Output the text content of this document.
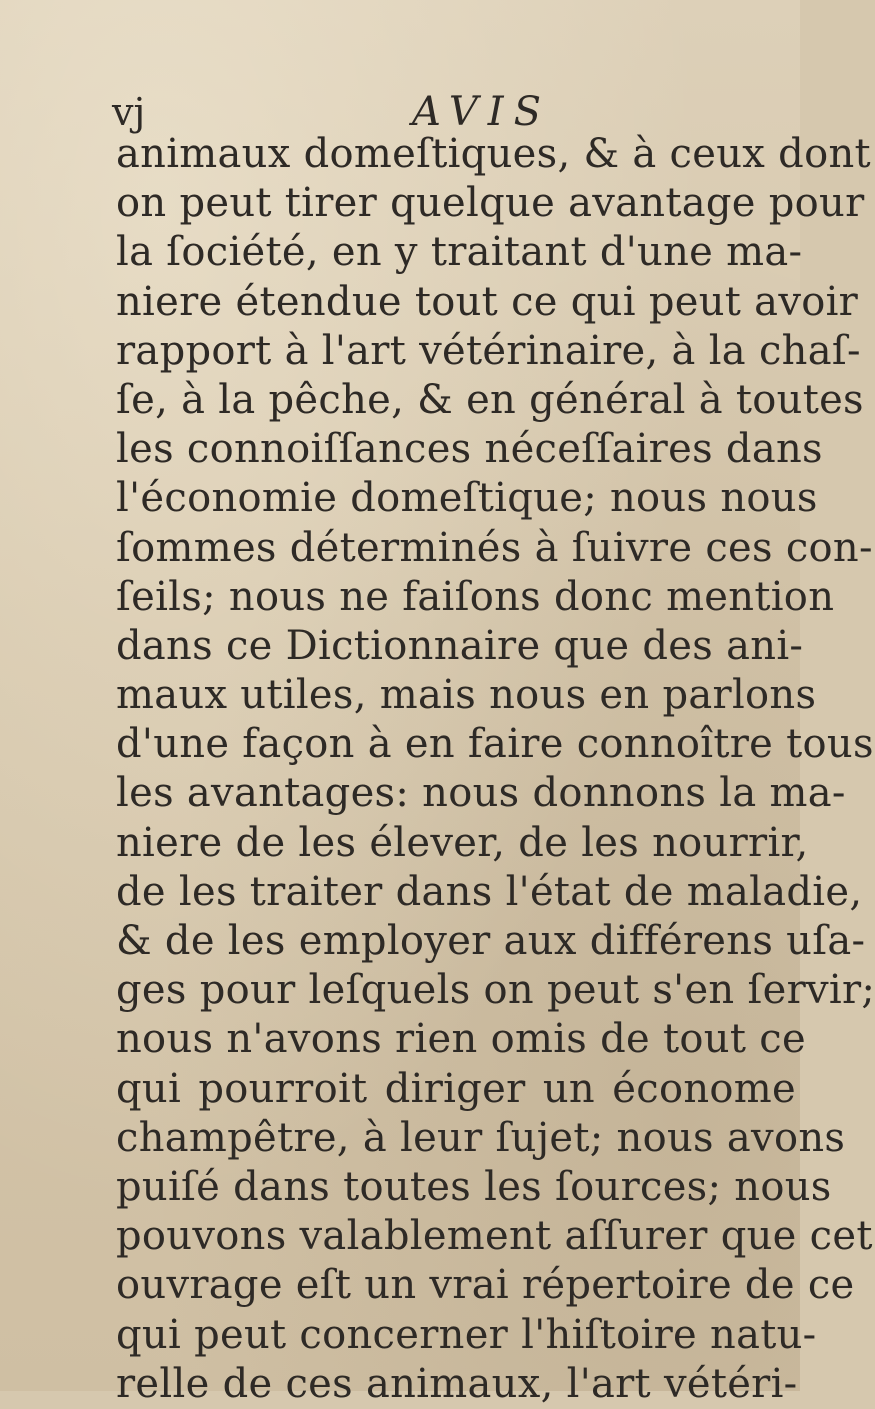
vj	AVIS
animaux domeſtiques, & à ceux dont
on peut tirer quelque avantage pour
la ſociété, en y traitant d'une ma-
niere étendue tout ce qui peut avoir
rapport à l'art vétérinaire, à la chaſ-
ſe, à la pêche, & en général à toutes
les connoiſſances néceſſaires dans
l'économie domeſtique; nous nous
ſommes déterminés à ſuivre ces con-
ſeils; nous ne faiſons donc mention
dans ce Dictionnaire que des ani-
maux utiles, mais nous en parlons
d'une façon à en faire connoître tous
les avantages: nous donnons la ma-
niere de les élever, de les nourrir,
de les traiter dans l'état de maladie,
& de les employer aux différens uſa-
ges pour leſquels on peut s'en ſervir;
nous n'avons rien omis de tout ce
qui pourroit diriger un économe
champêtre, à leur ſujet; nous avons
puiſé dans toutes les ſources; nous
pouvons valablement aſſurer que cet
ouvrage eſt un vrai répertoire de ce
qui peut concerner l'hiſtoire natu-
relle de ces animaux, l'art vétéri-
